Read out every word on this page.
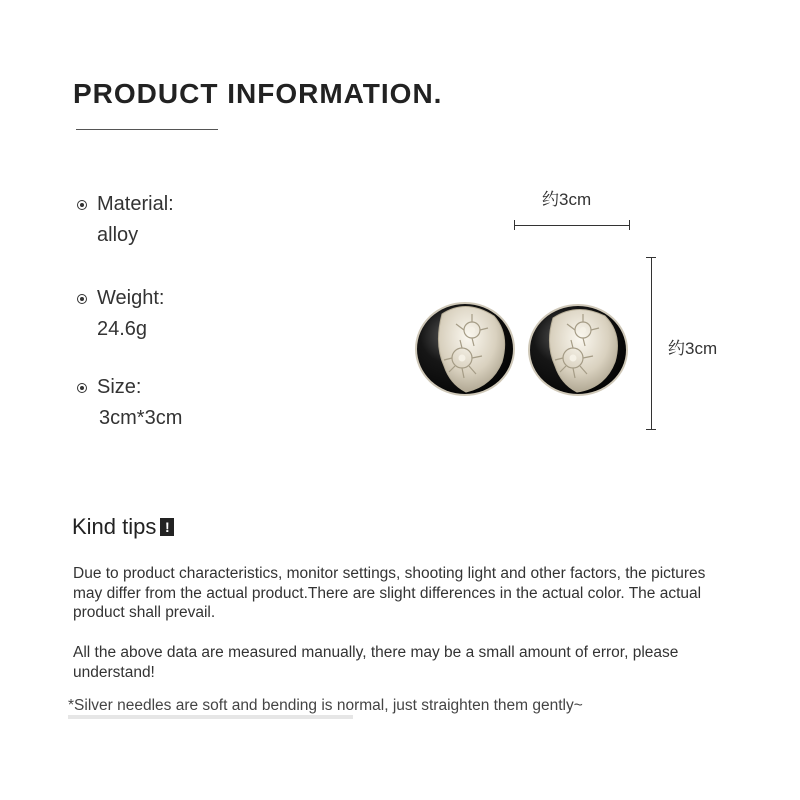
PRODUCT INFORMATION.
Material:
alloy
Weight:
24.6g
Size:
3cm*3cm
约3cm
约3cm
Kind tips !
Due to product characteristics, monitor settings, shooting light and other factors, the pictures may differ from the actual product.There are slight differences in the actual color. The actual product shall prevail.
All the above data are measured manually, there may be a small amount of error, please understand!
*Silver needles are soft and bending is normal, just straighten them gently~
